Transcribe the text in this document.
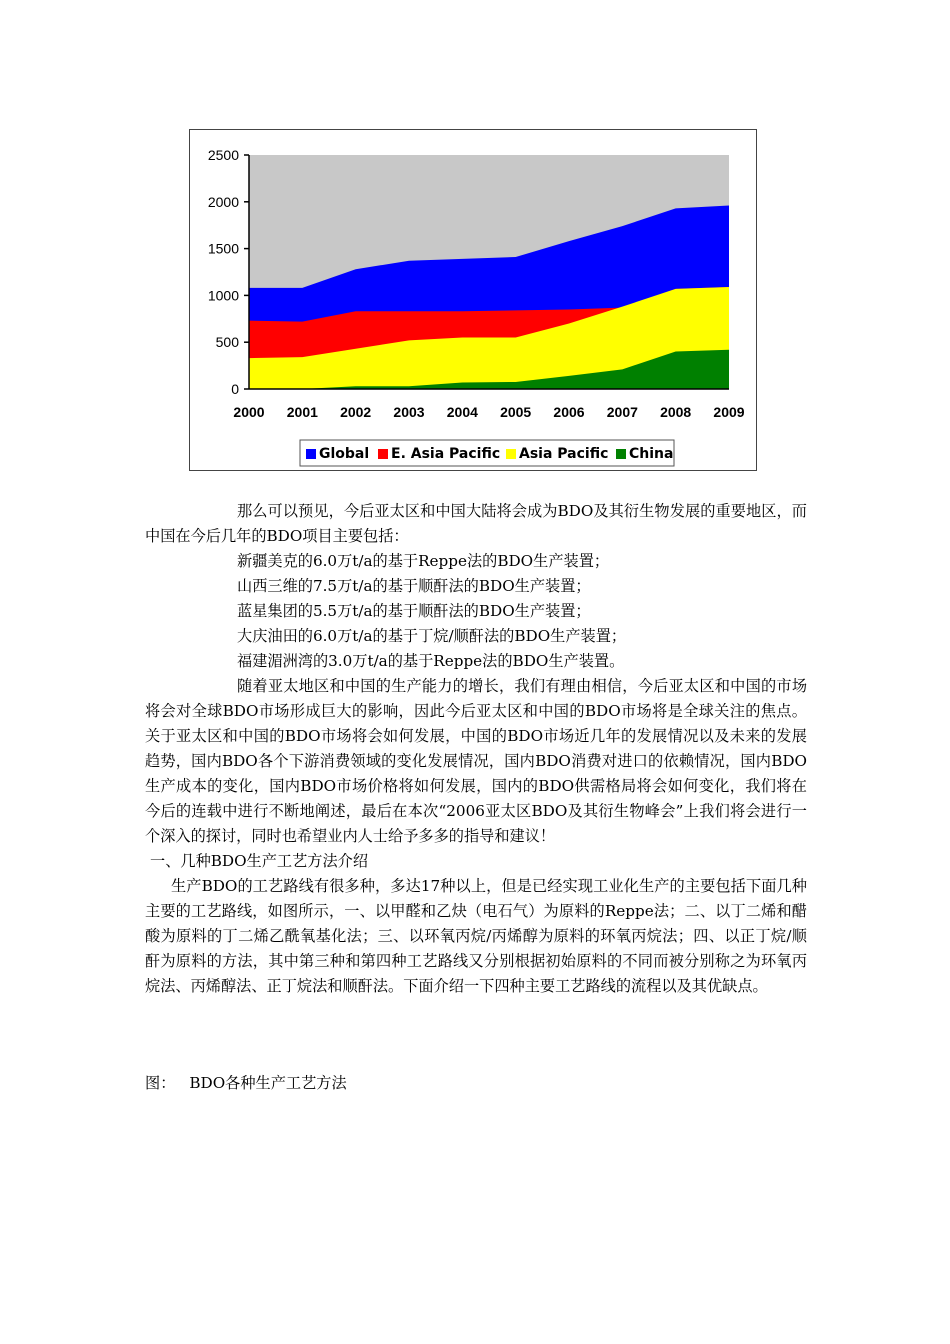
0
500
1000
1500
2000
2500
2000 2001 2002 2003 2004 2005 2006 2007 2008 2009
Global E. Asia Pacific Asia Pacific China

那么可以预见，今后亚太区和中国大陆将会成为BDO及其衍生物发展的重要地区，而中国在今后几年的BDO项目主要包括：

新疆美克的6.0万t/a的基于Reppe法的BDO生产装置；

山西三维的7.5万t/a的基于顺酐法的BDO生产装置；

蓝星集团的5.5万t/a的基于顺酐法的BDO生产装置；

大庆油田的6.0万t/a的基于丁烷/顺酐法的BDO生产装置；

福建湄洲湾的3.0万t/a的基于Reppe法的BDO生产装置。

随着亚太地区和中国的生产能力的增长，我们有理由相信，今后亚太区和中国的市场将会对全球BDO市场形成巨大的影响，因此今后亚太区和中国的BDO市场将是全球关注的焦点。关于亚太区和中国的BDO市场将会如何发展，中国的BDO市场近几年的发展情况以及未来的发展趋势，国内BDO各个下游消费领域的变化发展情况，国内BDO消费对进口的依赖情况，国内BDO生产成本的变化，国内BDO市场价格将如何发展，国内的BDO供需格局将会如何变化，我们将在今后的连载中进行不断地阐述，最后在本次“2006亚太区BDO及其衍生物峰会”上我们将会进行一个深入的探讨，同时也希望业内人士给予多多的指导和建议！

一、几种BDO生产工艺方法介绍

生产BDO的工艺路线有很多种，多达17种以上，但是已经实现工业化生产的主要包括下面几种主要的工艺路线，如图所示，一、以甲醛和乙炔（电石气）为原料的Reppe法；二、以丁二烯和醋酸为原料的丁二烯乙酰氧基化法；三、以环氧丙烷/丙烯醇为原料的环氧丙烷法；四、以正丁烷/顺酐为原料的方法，其中第三种和第四种工艺路线又分别根据初始原料的不同而被分别称之为环氧丙烷法、丙烯醇法、正丁烷法和顺酐法。下面介绍一下四种主要工艺路线的流程以及其优缺点。

图： BDO各种生产工艺方法
